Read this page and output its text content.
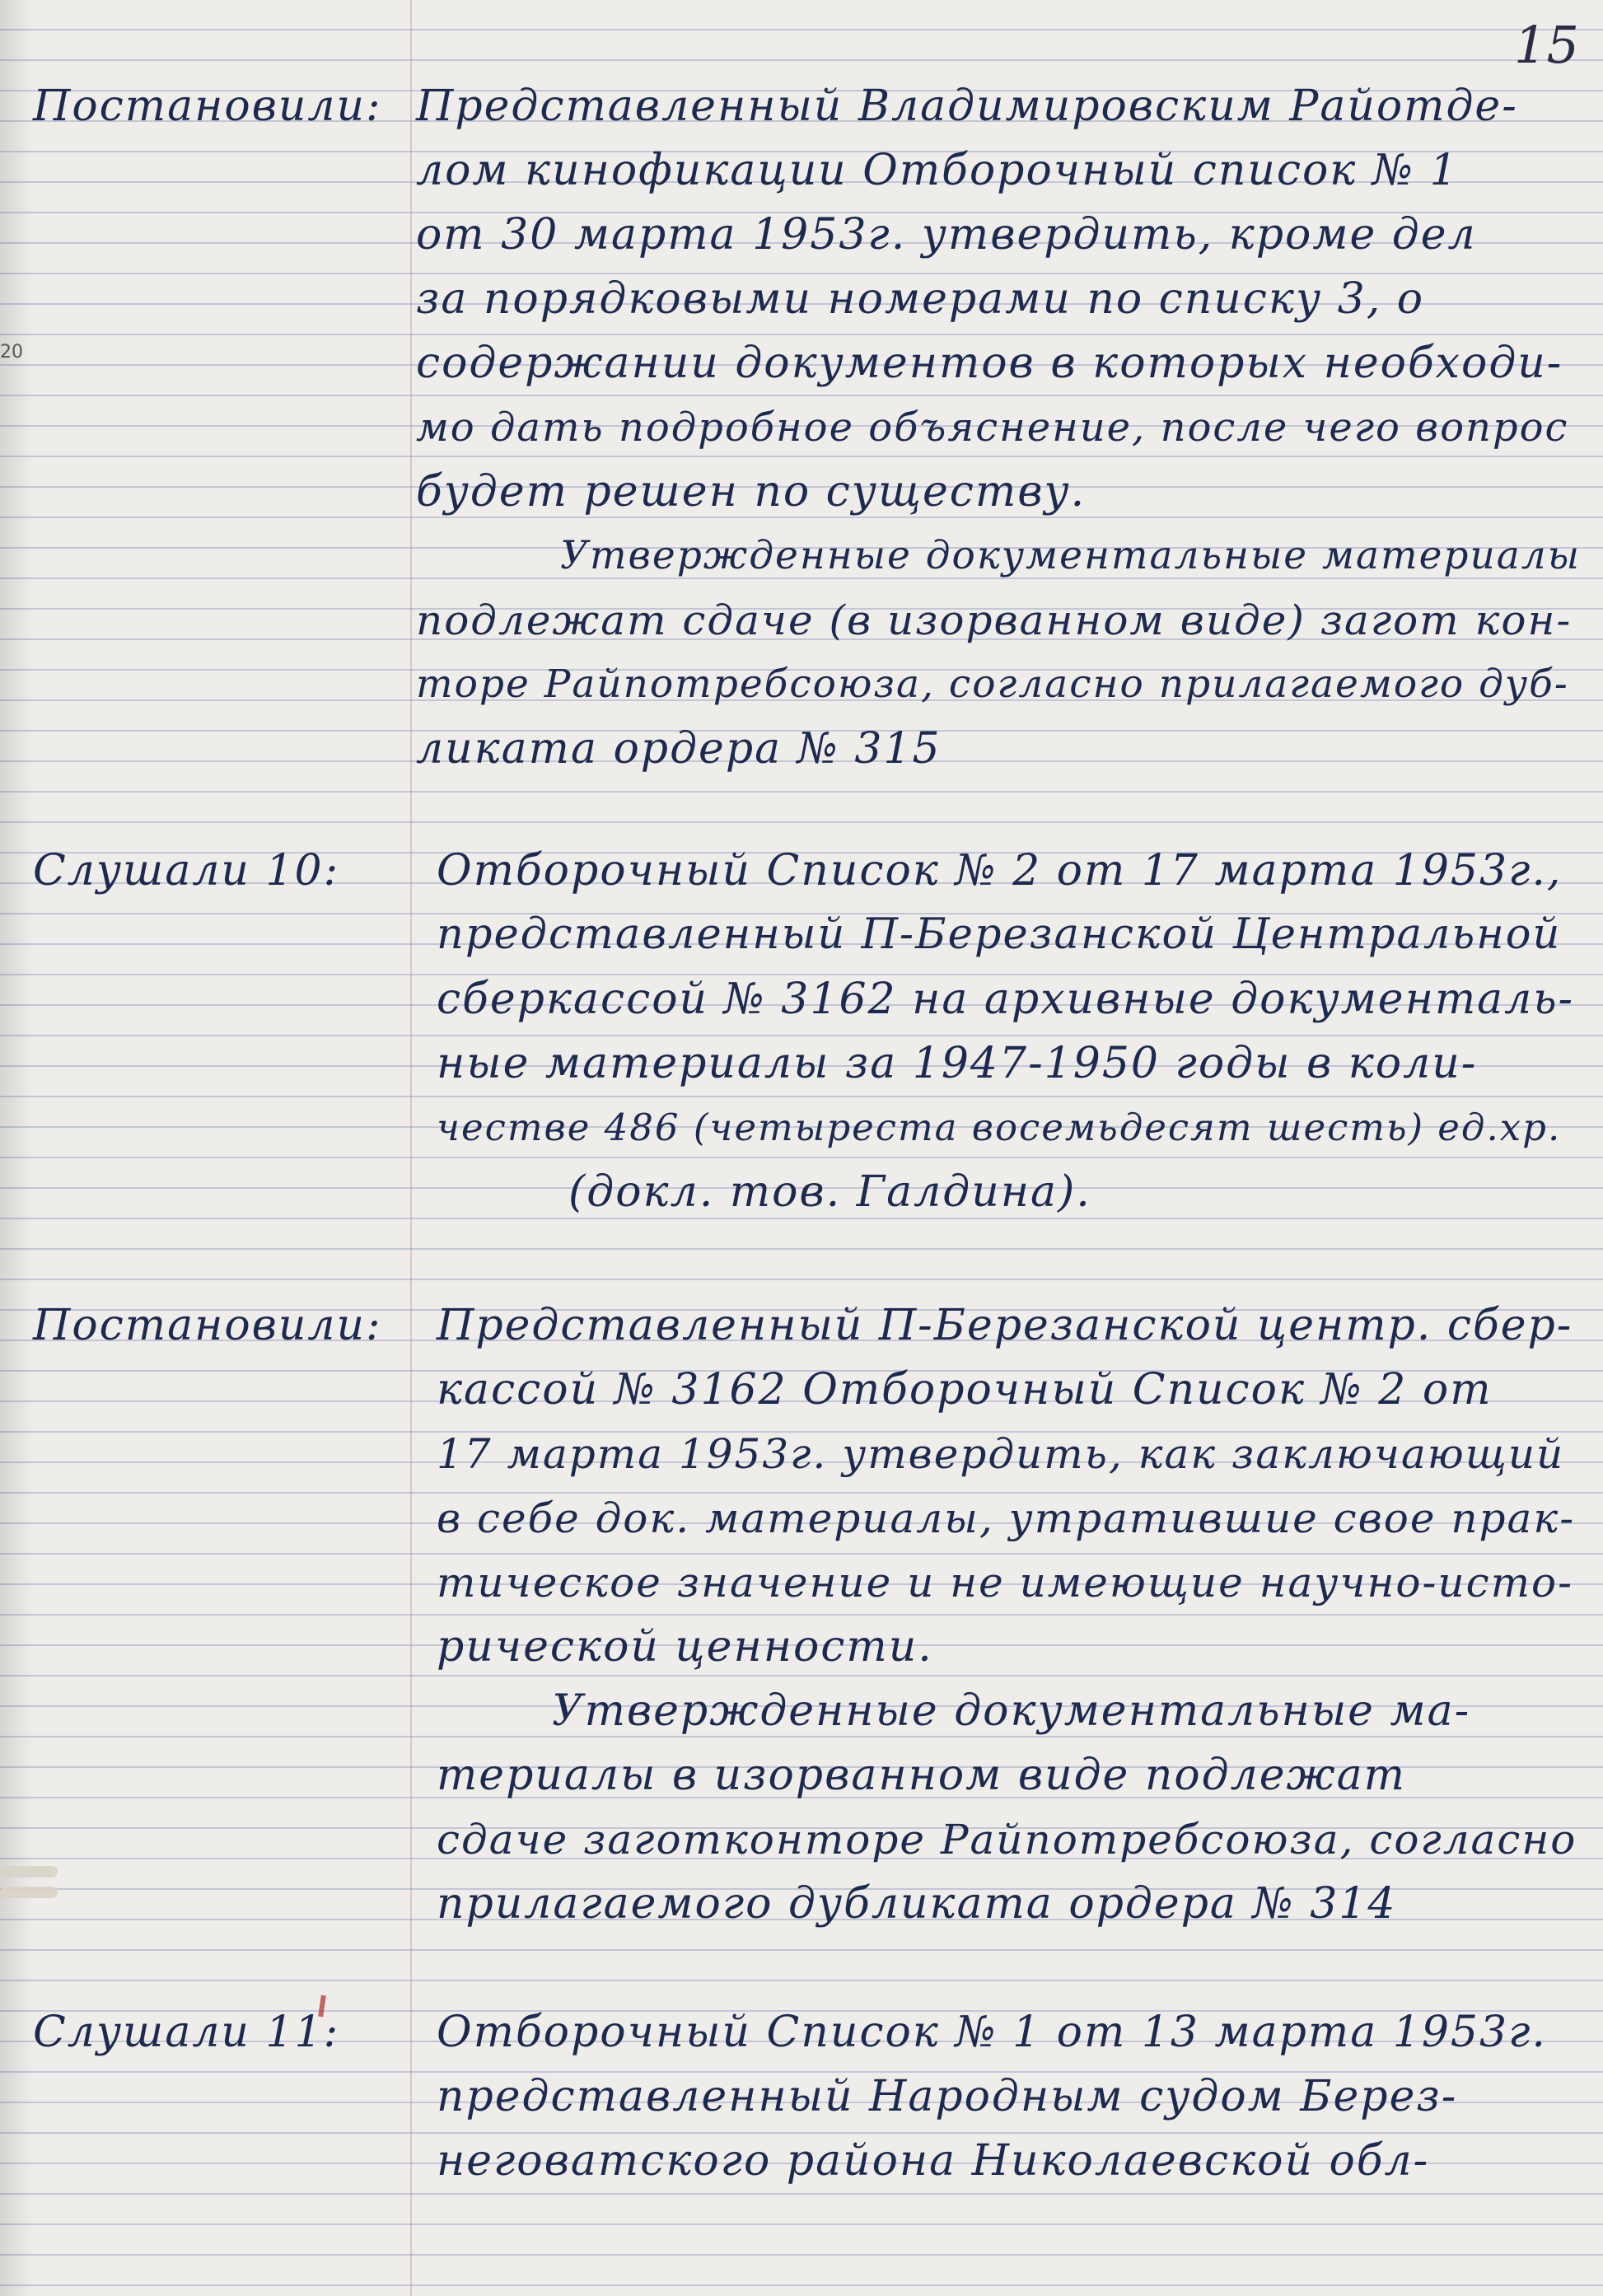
15
20
Постановили: Представленный Владимировским Райотде-
лом кинофикации Отборочный список № 1
от 30 марта 1953г. утвердить, кроме дел
за порядковыми номерами по списку 3, о
содержании документов в которых необходи-
мо дать подробное объяснение, после чего вопрос
будет решен по существу.
Утвержденные документальные материалы
подлежат сдаче (в изорванном виде) загот кон-
торе Райпотребсоюза, согласно прилагаемого дуб-
ликата ордера № 315
Слушали 10: Отборочный Список № 2 от 17 марта 1953г.,
представленный П-Березанской Центральной
сберкассой № 3162 на архивные документаль-
ные материалы за 1947-1950 годы в коли-
честве 486 (четыреста восемьдесят шесть) ед.хр.
(докл. тов. Галдина).
Постановили: Представленный П-Березанской центр. сбер-
кассой № 3162 Отборочный Список № 2 от
17 марта 1953г. утвердить, как заключающий
в себе док. материалы, утратившие свое прак-
тическое значение и не имеющие научно-исто-
рической ценности.
Утвержденные документальные ма-
териалы в изорванном виде подлежат
сдаче заготконторе Райпотребсоюза, согласно
прилагаемого дубликата ордера № 314
Слушали 11: Отборочный Список № 1 от 13 марта 1953г.
представленный Народным судом Берез-
неговатского района Николаевской обл-
